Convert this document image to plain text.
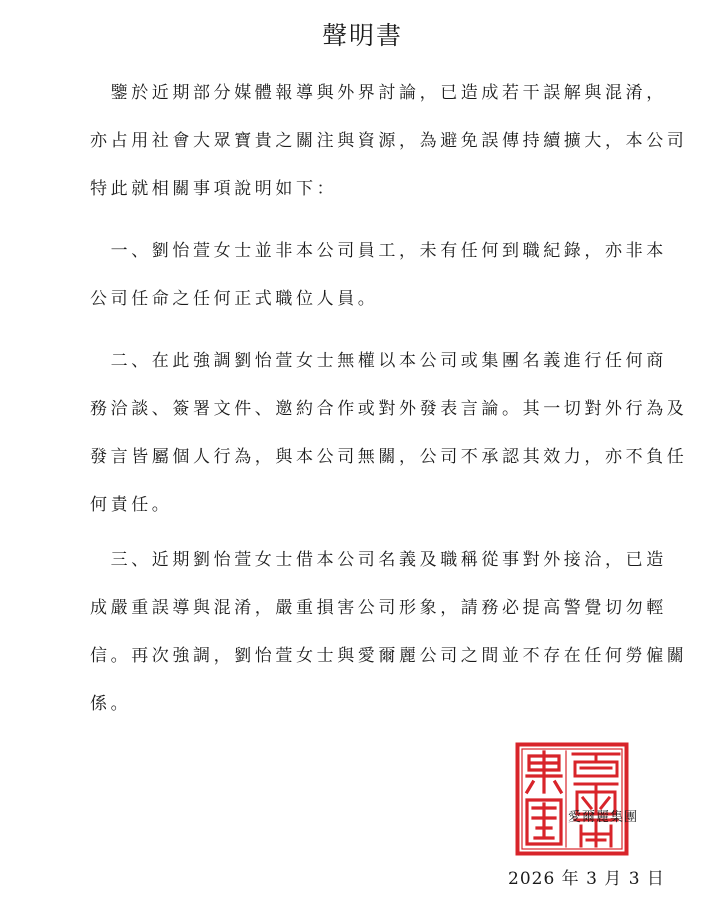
聲明書
　鑒於近期部分媒體報導與外界討論，已造成若干誤解與混淆，
亦占用社會大眾寶貴之關注與資源，為避免誤傳持續擴大，本公司
特此就相關事項說明如下：
　一、劉怡萱女士並非本公司員工，未有任何到職紀錄，亦非本
公司任命之任何正式職位人員。
　二、在此強調劉怡萱女士無權以本公司或集團名義進行任何商
務洽談、簽署文件、邀約合作或對外發表言論。其一切對外行為及
發言皆屬個人行為，與本公司無關，公司不承認其效力，亦不負任
何責任。
　三、近期劉怡萱女士借本公司名義及職稱從事對外接洽，已造
成嚴重誤導與混淆，嚴重損害公司形象，請務必提高警覺切勿輕
信。再次強調，劉怡萱女士與愛爾麗公司之間並不存在任何勞僱關
係。
愛爾麗集團
2026 年 3 月 3 日
